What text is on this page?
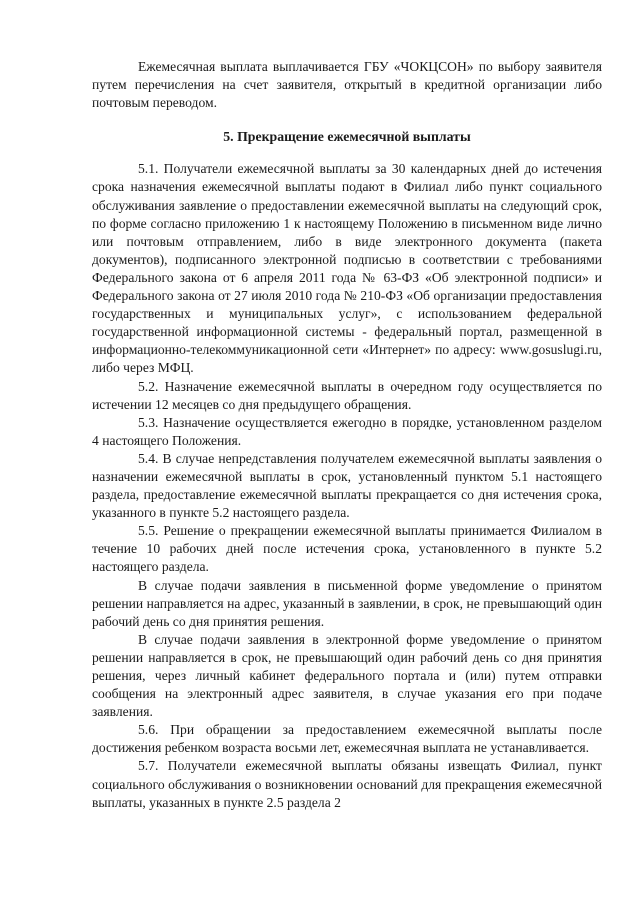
Ежемесячная выплата выплачивается ГБУ «ЧОКЦСОН» по выбору заявителя путем перечисления на счет заявителя, открытый в кредитной организации либо почтовым переводом.

5. Прекращение ежемесячной выплаты

5.1. Получатели ежемесячной выплаты за 30 календарных дней до истечения срока назначения ежемесячной выплаты подают в Филиал либо пункт социального обслуживания заявление о предоставлении ежемесячной выплаты на следующий срок, по форме согласно приложению 1 к настоящему Положению в письменном виде лично или почтовым отправлением, либо в виде электронного документа (пакета документов), подписанного электронной подписью в соответствии с требованиями Федерального закона от 6 апреля 2011 года № 63-ФЗ «Об электронной подписи» и Федерального закона от 27 июля 2010 года № 210-ФЗ «Об организации предоставления государственных и муниципальных услуг», с использованием федеральной государственной информационной системы - федеральный портал, размещенной в информационно-телекоммуникационной сети «Интернет» по адресу: www.gosuslugi.ru, либо через МФЦ.

5.2. Назначение ежемесячной выплаты в очередном году осуществляется по истечении 12 месяцев со дня предыдущего обращения.

5.3. Назначение осуществляется ежегодно в порядке, установленном разделом 4 настоящего Положения.

5.4. В случае непредставления получателем ежемесячной выплаты заявления о назначении ежемесячной выплаты в срок, установленный пунктом 5.1 настоящего раздела, предоставление ежемесячной выплаты прекращается со дня истечения срока, указанного в пункте 5.2 настоящего раздела.

5.5. Решение о прекращении ежемесячной выплаты принимается Филиалом в течение 10 рабочих дней после истечения срока, установленного в пункте 5.2 настоящего раздела.

В случае подачи заявления в письменной форме уведомление о принятом решении направляется на адрес, указанный в заявлении, в срок, не превышающий один рабочий день со дня принятия решения.

В случае подачи заявления в электронной форме уведомление о принятом решении направляется в срок, не превышающий один рабочий день со дня принятия решения, через личный кабинет федерального портала и (или) путем отправки сообщения на электронный адрес заявителя, в случае указания его при подаче заявления.

5.6. При обращении за предоставлением ежемесячной выплаты после достижения ребенком возраста восьми лет, ежемесячная выплата не устанавливается.

5.7. Получатели ежемесячной выплаты обязаны извещать Филиал, пункт социального обслуживания о возникновении оснований для прекращения ежемесячной выплаты, указанных в пункте 2.5 раздела 2
